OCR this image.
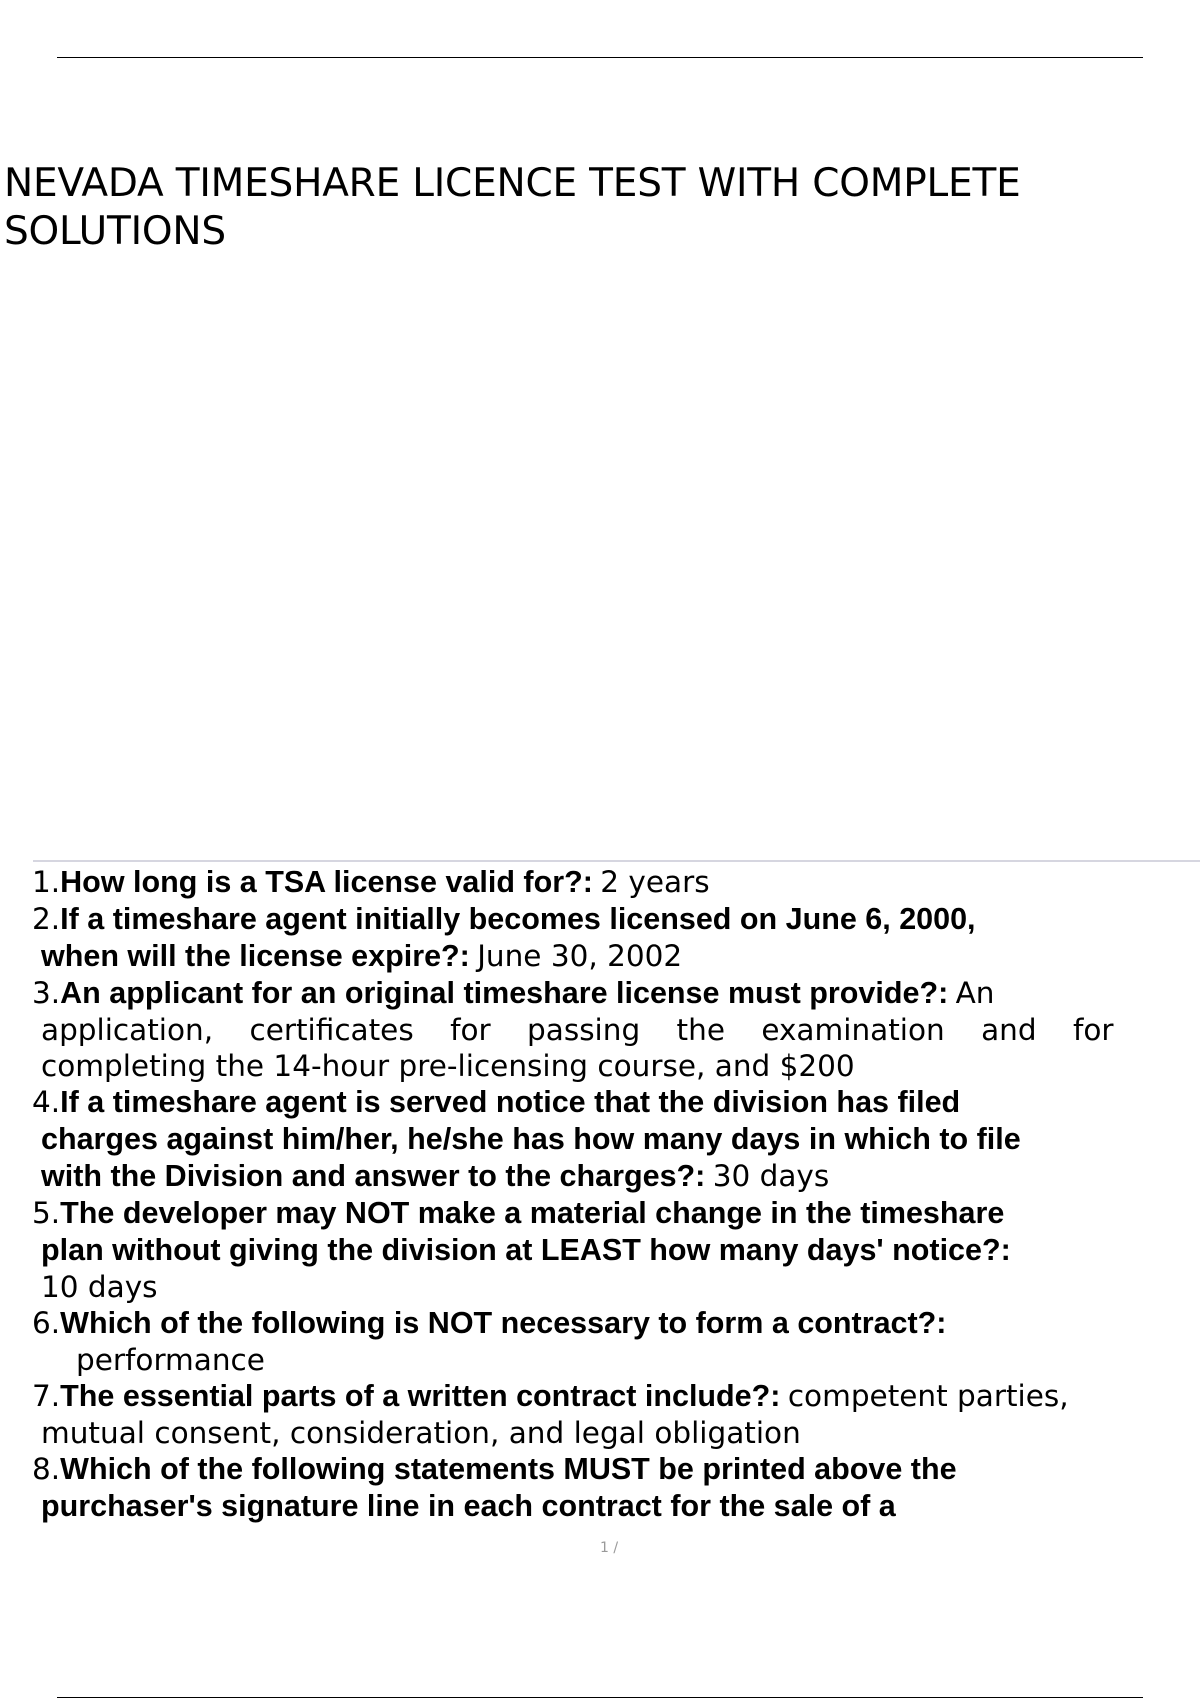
NEVADA TIMESHARE LICENCE TEST WITH COMPLETE SOLUTIONS
1.How long is a TSA license valid for?: 2 years
2.If a timeshare agent initially becomes licensed on June 6, 2000,
when will the license expire?: June 30, 2002
3.An applicant for an original timeshare license must provide?: An
application, certificates for passing the examination and for
completing the 14-hour pre-licensing course, and $200
4.If a timeshare agent is served notice that the division has filed
charges against him/her, he/she has how many days in which to file
with the Division and answer to the charges?: 30 days
5.The developer may NOT make a material change in the timeshare
plan without giving the division at LEAST how many days' notice?:
10 days
6.Which of the following is NOT necessary to form a contract?:
performance
7.The essential parts of a written contract include?: competent parties,
mutual consent, consideration, and legal obligation
8.Which of the following statements MUST be printed above the
purchaser's signature line in each contract for the sale of a
1 /
